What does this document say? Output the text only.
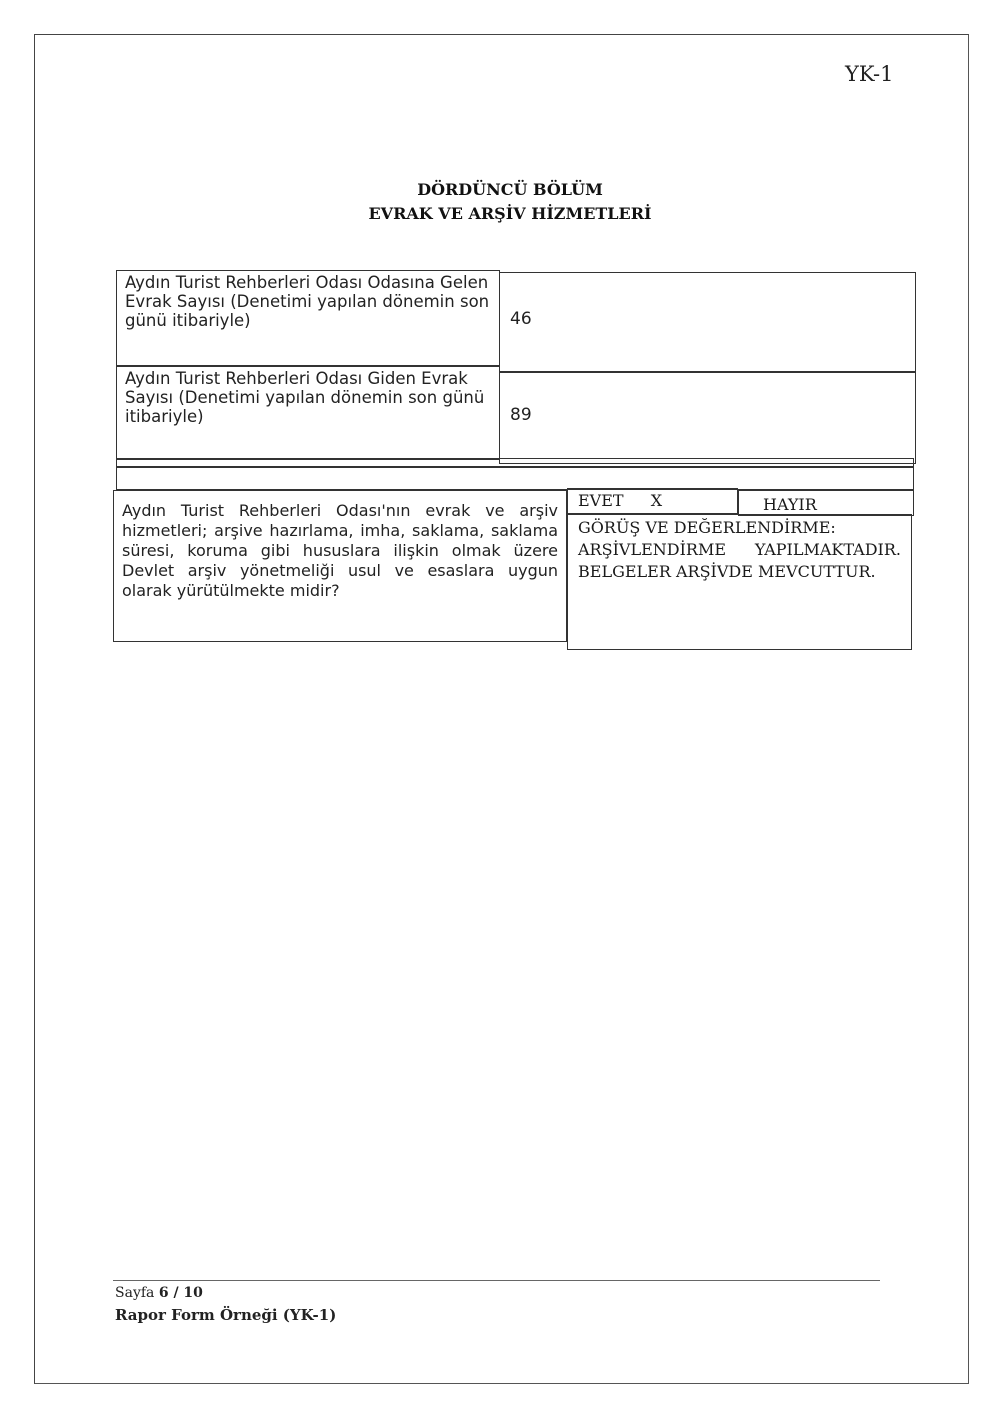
YK-1
DÖRDÜNCÜ BÖLÜM
EVRAK VE ARŞİV HİZMETLERİ
Aydın Turist Rehberleri Odası Odasına Gelen Evrak Sayısı (Denetimi yapılan dönemin son günü itibariyle)	46
Aydın Turist Rehberleri Odası Giden Evrak Sayısı (Denetimi yapılan dönemin son günü itibariyle)	89
Aydın Turist Rehberleri Odası'nın evrak ve arşiv hizmetleri; arşive hazırlama, imha, saklama, saklama süresi, koruma gibi hususlara ilişkin olmak üzere Devlet arşiv yönetmeliği usul ve esaslara uygun olarak yürütülmekte midir?
EVET X	HAYIR
GÖRÜŞ VE DEĞERLENDİRME:
ARŞİVLENDİRME YAPILMAKTADIR.
BELGELER ARŞİVDE MEVCUTTUR.
Sayfa 6 / 10
Rapor Form Örneği (YK-1)
